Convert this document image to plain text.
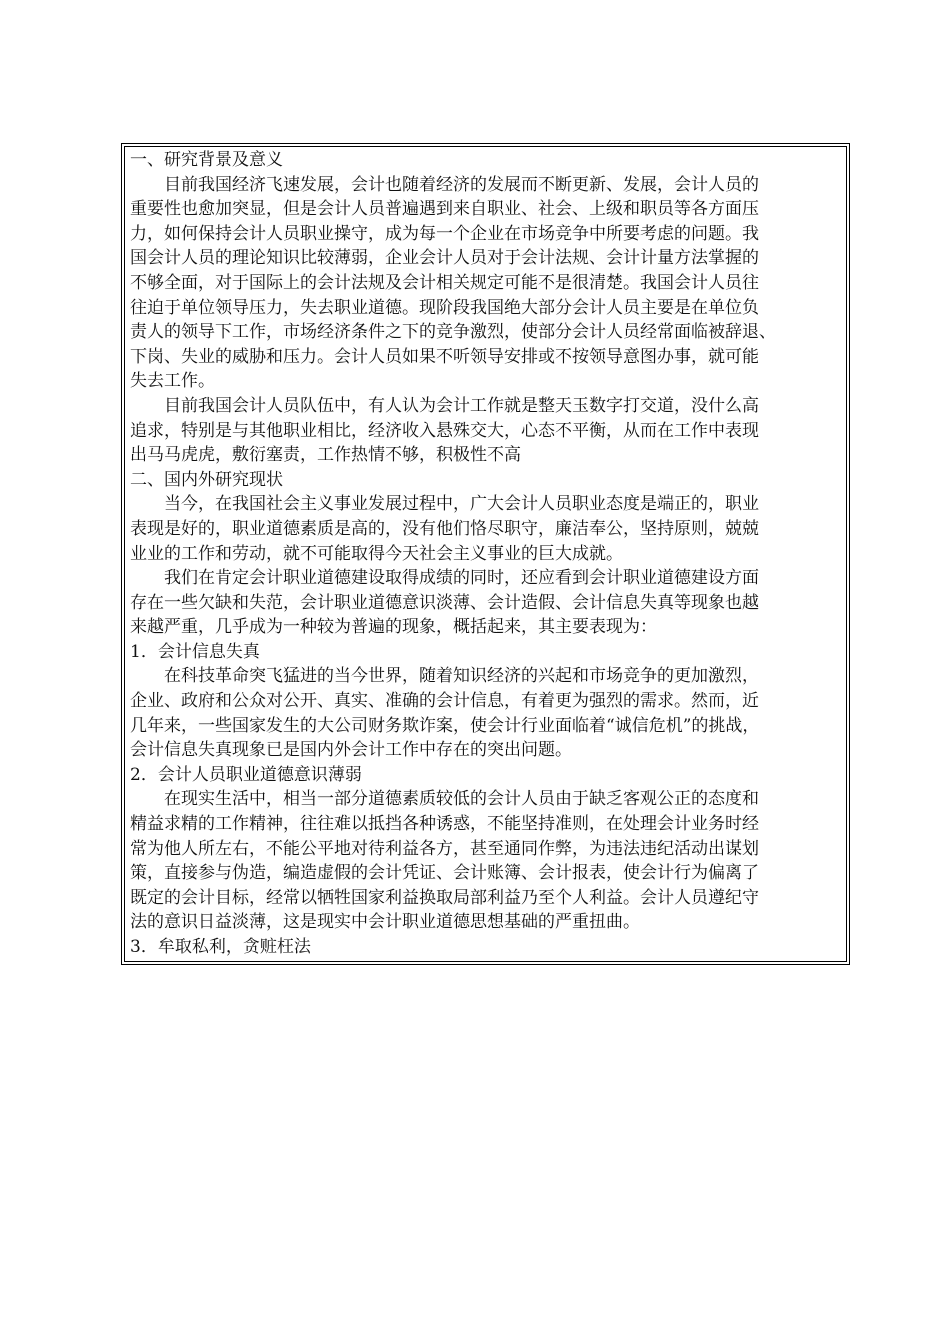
一、研究背景及意义

目前我国经济飞速发展，会计也随着经济的发展而不断更新、发展，会计人员的

重要性也愈加突显，但是会计人员普遍遇到来自职业、社会、上级和职员等各方面压

力，如何保持会计人员职业操守，成为每一个企业在市场竞争中所要考虑的问题。我

国会计人员的理论知识比较薄弱，企业会计人员对于会计法规、会计计量方法掌握的

不够全面，对于国际上的会计法规及会计相关规定可能不是很清楚。我国会计人员往

往迫于单位领导压力，失去职业道德。现阶段我国绝大部分会计人员主要是在单位负

责人的领导下工作，市场经济条件之下的竞争激烈，使部分会计人员经常面临被辞退、

下岗、失业的威胁和压力。会计人员如果不听领导安排或不按领导意图办事，就可能

失去工作。

目前我国会计人员队伍中，有人认为会计工作就是整天玉数字打交道，没什么高

追求，特别是与其他职业相比，经济收入悬殊交大，心态不平衡，从而在工作中表现

出马马虎虎，敷衍塞责，工作热情不够，积极性不高

二、国内外研究现状

当今，在我国社会主义事业发展过程中，广大会计人员职业态度是端正的，职业

表现是好的，职业道德素质是高的，没有他们恪尽职守，廉洁奉公，坚持原则，兢兢

业业的工作和劳动，就不可能取得今天社会主义事业的巨大成就。

我们在肯定会计职业道德建设取得成绩的同时，还应看到会计职业道德建设方面

存在一些欠缺和失范，会计职业道德意识淡薄、会计造假、会计信息失真等现象也越

来越严重，几乎成为一种较为普遍的现象，概括起来，其主要表现为：

1．会计信息失真

在科技革命突飞猛进的当今世界，随着知识经济的兴起和市场竞争的更加激烈，

企业、政府和公众对公开、真实、准确的会计信息，有着更为强烈的需求。然而，近

几年来，一些国家发生的大公司财务欺诈案，使会计行业面临着“诚信危机”的挑战，

会计信息失真现象已是国内外会计工作中存在的突出问题。

2．会计人员职业道德意识薄弱

在现实生活中，相当一部分道德素质较低的会计人员由于缺乏客观公正的态度和

精益求精的工作精神，往往难以抵挡各种诱惑，不能坚持准则，在处理会计业务时经

常为他人所左右，不能公平地对待利益各方，甚至通同作弊，为违法违纪活动出谋划

策，直接参与伪造，编造虚假的会计凭证、会计账簿、会计报表，使会计行为偏离了

既定的会计目标，经常以牺牲国家利益换取局部利益乃至个人利益。会计人员遵纪守

法的意识日益淡薄，这是现实中会计职业道德思想基础的严重扭曲。

3．牟取私利，贪赃枉法
